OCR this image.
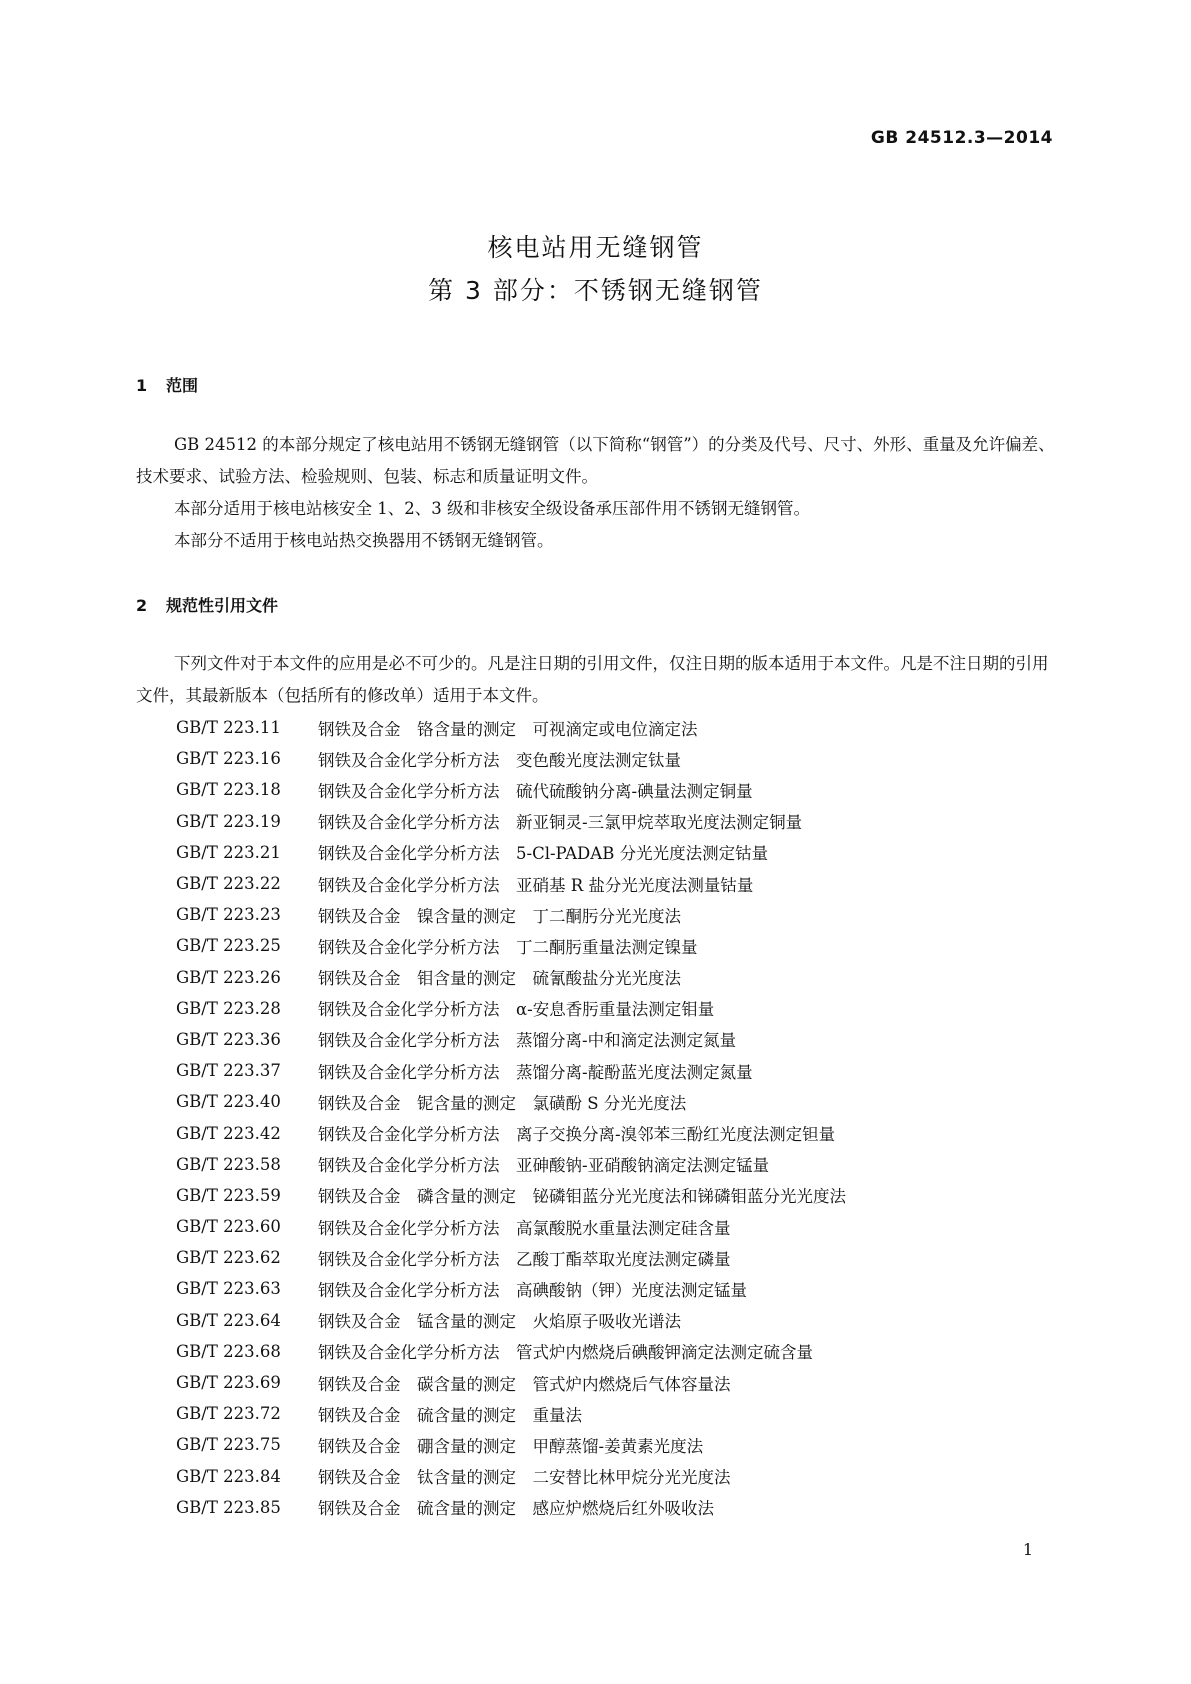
GB 24512.3—2014
核电站用无缝钢管
第 3 部分：不锈钢无缝钢管
1 范围

GB 24512 的本部分规定了核电站用不锈钢无缝钢管（以下简称“钢管”）的分类及代号、尺寸、外形、重量及允许偏差、技术要求、试验方法、检验规则、包装、标志和质量证明文件。

本部分适用于核电站核安全 1、2、3 级和非核安全级设备承压部件用不锈钢无缝钢管。

本部分不适用于核电站热交换器用不锈钢无缝钢管。

2 规范性引用文件

下列文件对于本文件的应用是必不可少的。凡是注日期的引用文件，仅注日期的版本适用于本文件。凡是不注日期的引用文件，其最新版本（包括所有的修改单）适用于本文件。

GB/T 223.11	钢铁及合金　铬含量的测定　可视滴定或电位滴定法
GB/T 223.16	钢铁及合金化学分析方法　变色酸光度法测定钛量
GB/T 223.18	钢铁及合金化学分析方法　硫代硫酸钠分离-碘量法测定铜量
GB/T 223.19	钢铁及合金化学分析方法　新亚铜灵-三氯甲烷萃取光度法测定铜量
GB/T 223.21	钢铁及合金化学分析方法　5-Cl-PADAB 分光光度法测定钴量
GB/T 223.22	钢铁及合金化学分析方法　亚硝基 R 盐分光光度法测量钴量
GB/T 223.23	钢铁及合金　镍含量的测定　丁二酮肟分光光度法
GB/T 223.25	钢铁及合金化学分析方法　丁二酮肟重量法测定镍量
GB/T 223.26	钢铁及合金　钼含量的测定　硫氰酸盐分光光度法
GB/T 223.28	钢铁及合金化学分析方法　α-安息香肟重量法测定钼量
GB/T 223.36	钢铁及合金化学分析方法　蒸馏分离-中和滴定法测定氮量
GB/T 223.37	钢铁及合金化学分析方法　蒸馏分离-靛酚蓝光度法测定氮量
GB/T 223.40	钢铁及合金　铌含量的测定　氯磺酚 S 分光光度法
GB/T 223.42	钢铁及合金化学分析方法　离子交换分离-溴邻苯三酚红光度法测定钽量
GB/T 223.58	钢铁及合金化学分析方法　亚砷酸钠-亚硝酸钠滴定法测定锰量
GB/T 223.59	钢铁及合金　磷含量的测定　铋磷钼蓝分光光度法和锑磷钼蓝分光光度法
GB/T 223.60	钢铁及合金化学分析方法　高氯酸脱水重量法测定硅含量
GB/T 223.62	钢铁及合金化学分析方法　乙酸丁酯萃取光度法测定磷量
GB/T 223.63	钢铁及合金化学分析方法　高碘酸钠（钾）光度法测定锰量
GB/T 223.64	钢铁及合金　锰含量的测定　火焰原子吸收光谱法
GB/T 223.68	钢铁及合金化学分析方法　管式炉内燃烧后碘酸钾滴定法测定硫含量
GB/T 223.69	钢铁及合金　碳含量的测定　管式炉内燃烧后气体容量法
GB/T 223.72	钢铁及合金　硫含量的测定　重量法
GB/T 223.75	钢铁及合金　硼含量的测定　甲醇蒸馏-姜黄素光度法
GB/T 223.84	钢铁及合金　钛含量的测定　二安替比林甲烷分光光度法
GB/T 223.85	钢铁及合金　硫含量的测定　感应炉燃烧后红外吸收法
1
